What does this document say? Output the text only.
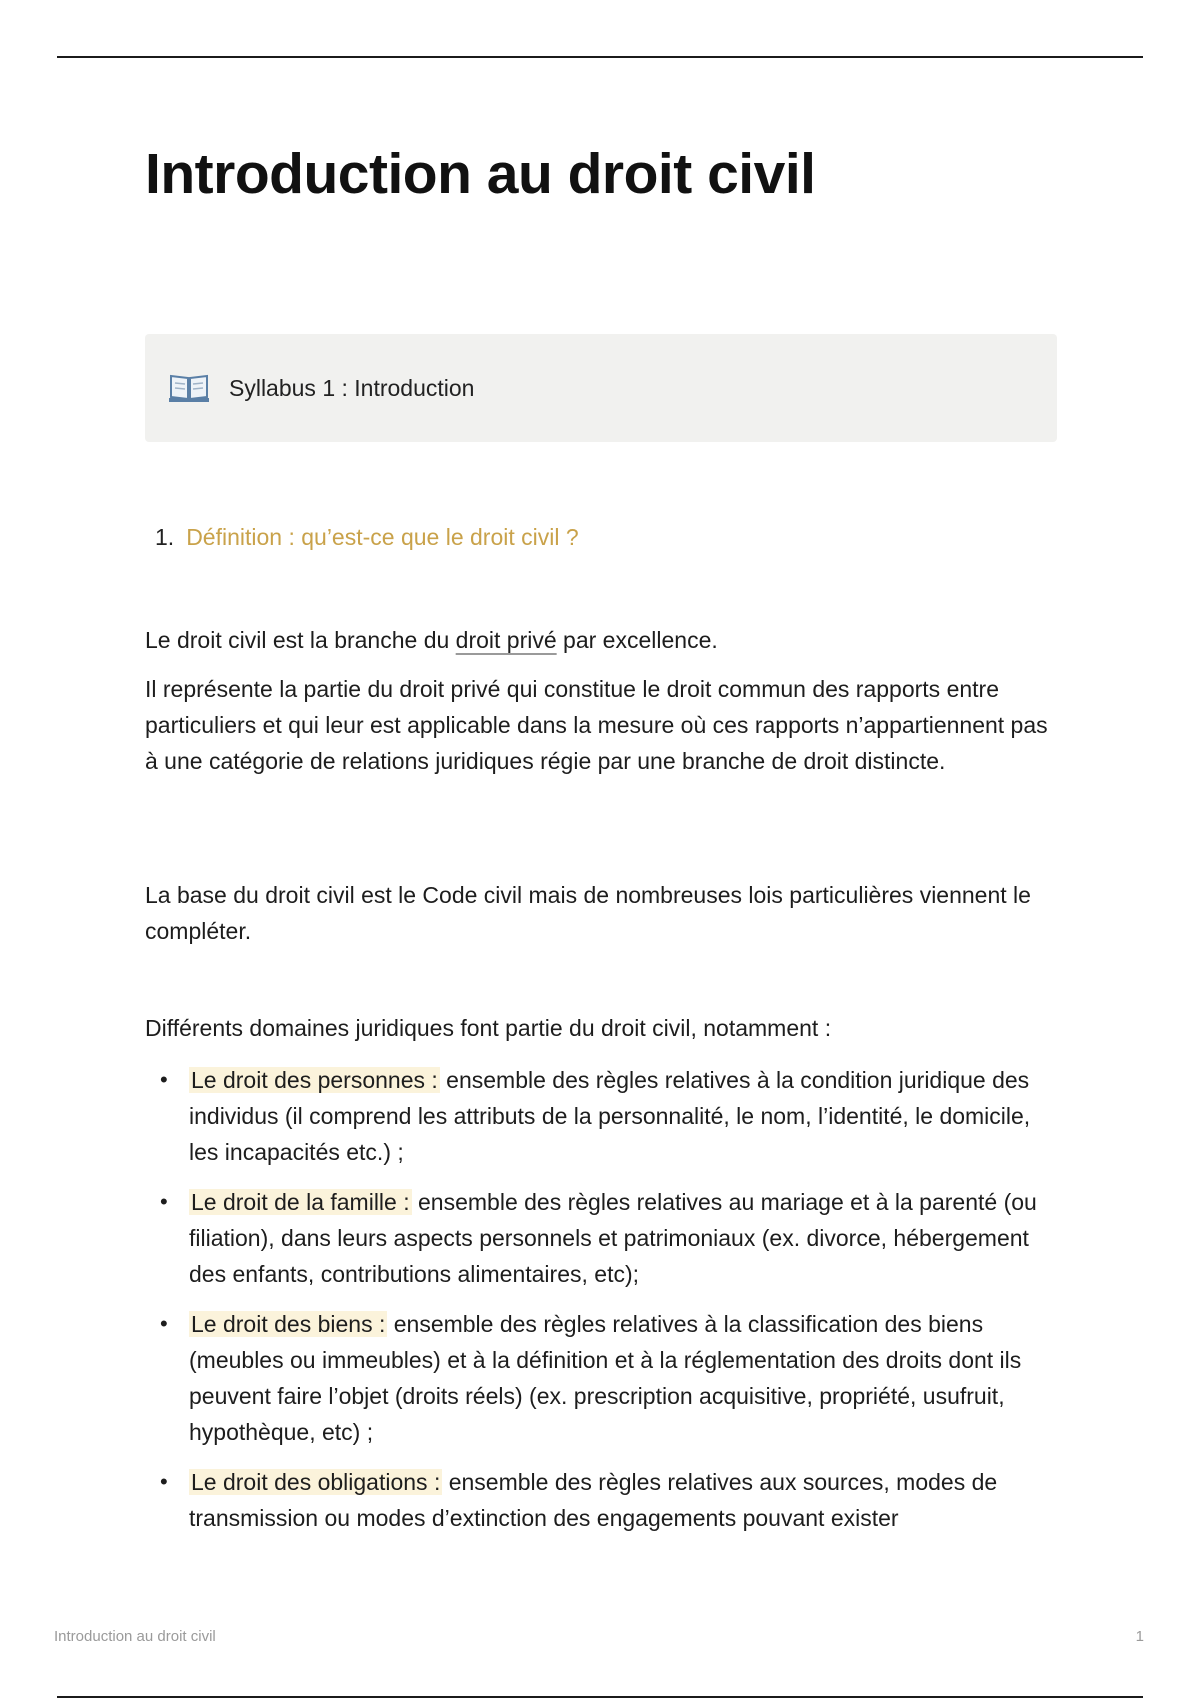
Introduction au droit civil
Syllabus 1 : Introduction
1. Définition : qu’est-ce que le droit civil ?

Le droit civil est la branche du droit privé par excellence.

Il représente la partie du droit privé qui constitue le droit commun des rapports entre particuliers et qui leur est applicable dans la mesure où ces rapports n’appartiennent pas à une catégorie de relations juridiques régie par une branche de droit distincte.

La base du droit civil est le Code civil mais de nombreuses lois particulières viennent le compléter.

Différents domaines juridiques font partie du droit civil, notamment :

• Le droit des personnes : ensemble des règles relatives à la condition juridique des individus (il comprend les attributs de la personnalité, le nom, l’identité, le domicile, les incapacités etc.) ;
• Le droit de la famille : ensemble des règles relatives au mariage et à la parenté (ou filiation), dans leurs aspects personnels et patrimoniaux (ex. divorce, hébergement des enfants, contributions alimentaires, etc);
• Le droit des biens : ensemble des règles relatives à la classification des biens (meubles ou immeubles) et à la définition et à la réglementation des droits dont ils peuvent faire l’objet (droits réels) (ex. prescription acquisitive, propriété, usufruit, hypothèque, etc) ;
• Le droit des obligations : ensemble des règles relatives aux sources, modes de transmission ou modes d’extinction des engagements pouvant exister
Introduction au droit civil	1
